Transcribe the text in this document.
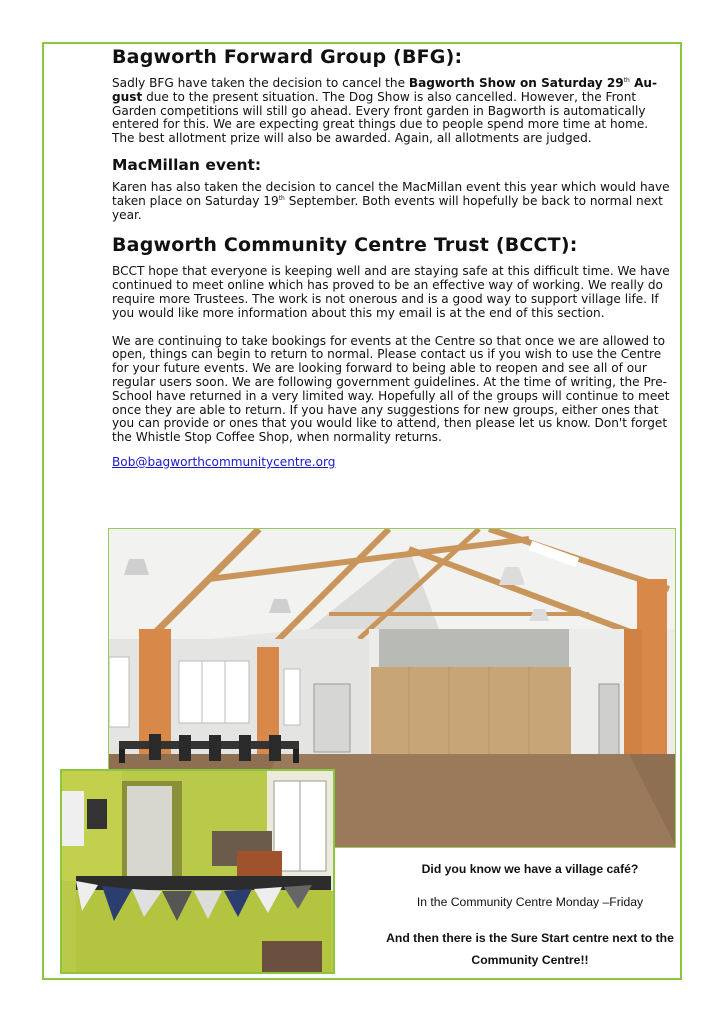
Bagworth Forward Group (BFG):

Sadly BFG have taken the decision to cancel the Bagworth Show on Saturday 29th Au-gust due to the present situation. The Dog Show is also cancelled. However, the Front Garden competitions will still go ahead. Every front garden in Bagworth is automatically entered for this. We are expecting great things due to people spend more time at home. The best allotment prize will also be awarded. Again, all allotments are judged.

MacMillan event:

Karen has also taken the decision to cancel the MacMillan event this year which would have taken place on Saturday 19th September. Both events will hopefully be back to normal next year.

Bagworth Community Centre Trust (BCCT):

BCCT hope that everyone is keeping well and are staying safe at this difficult time. We have continued to meet online which has proved to be an effective way of working. We really do require more Trustees. The work is not onerous and is a good way to support village life. If you would like more information about this my email is at the end of this section.

We are continuing to take bookings for events at the Centre so that once we are allowed to open, things can begin to return to normal. Please contact us if you wish to use the Centre for your future events. We are looking forward to being able to reopen and see all of our regular users soon. We are following government guidelines. At the time of writing, the Pre-School have returned in a very limited way. Hopefully all of the groups will continue to meet once they are able to return. If you have any suggestions for new groups, either ones that you can provide or ones that you would like to attend, then please let us know. Don't forget the Whistle Stop Coffee Shop, when normality returns.

Bob@bagworthcommunitycentre.org
Did you know we have a village café?
In the Community Centre Monday –Friday
And then there is the Sure Start centre next to the Community Centre!!
